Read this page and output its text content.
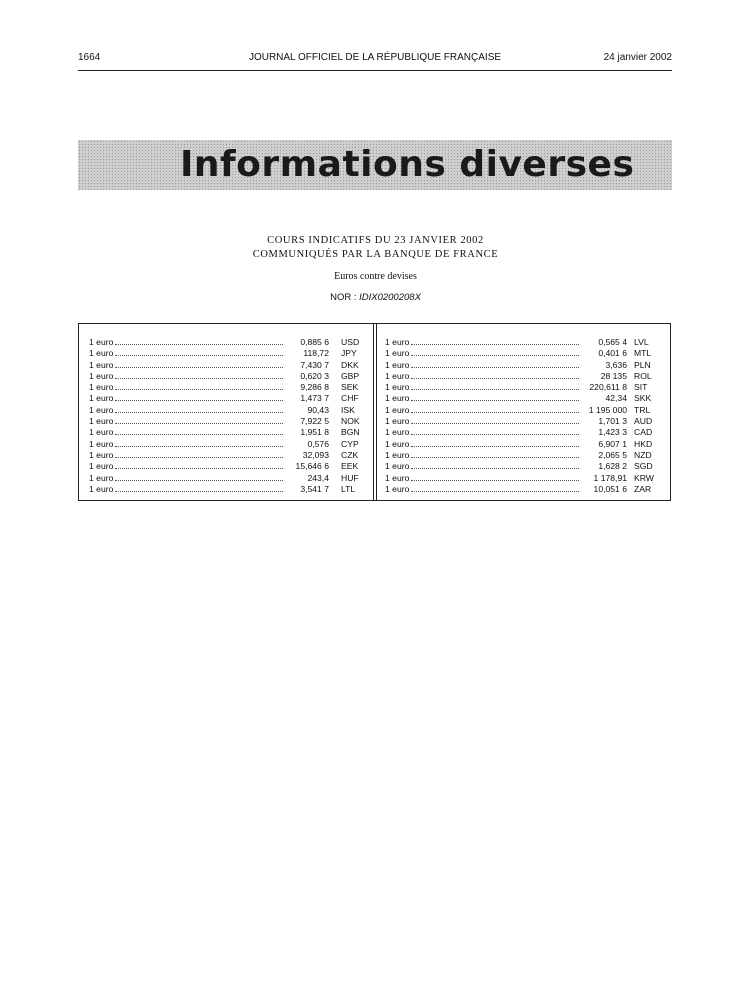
1664	JOURNAL OFFICIEL DE LA RÉPUBLIQUE FRANÇAISE	24 janvier 2002
Informations diverses
COURS INDICATIFS DU 23 JANVIER 2002
COMMUNIQUÉS PAR LA BANQUE DE FRANCE
Euros contre devises
NOR : IDIX0200208X
1 euro	0,885 6 USD
1 euro	118,72 JPY
1 euro	7,430 7 DKK
1 euro	0,620 3 GBP
1 euro	9,286 8 SEK
1 euro	1,473 7 CHF
1 euro	90,43 ISK
1 euro	7,922 5 NOK
1 euro	1,951 8 BGN
1 euro	0,576 CYP
1 euro	32,093 CZK
1 euro	15,646 6 EEK
1 euro	243,4 HUF
1 euro	3,541 7 LTL
1 euro	0,565 4 LVL
1 euro	0,401 6 MTL
1 euro	3,636 PLN
1 euro	28 135 ROL
1 euro	220,611 8 SIT
1 euro	42,34 SKK
1 euro	1 195 000 TRL
1 euro	1,701 3 AUD
1 euro	1,423 3 CAD
1 euro	6,907 1 HKD
1 euro	2,065 5 NZD
1 euro	1,628 2 SGD
1 euro	1 178,91 KRW
1 euro	10,051 6 ZAR
